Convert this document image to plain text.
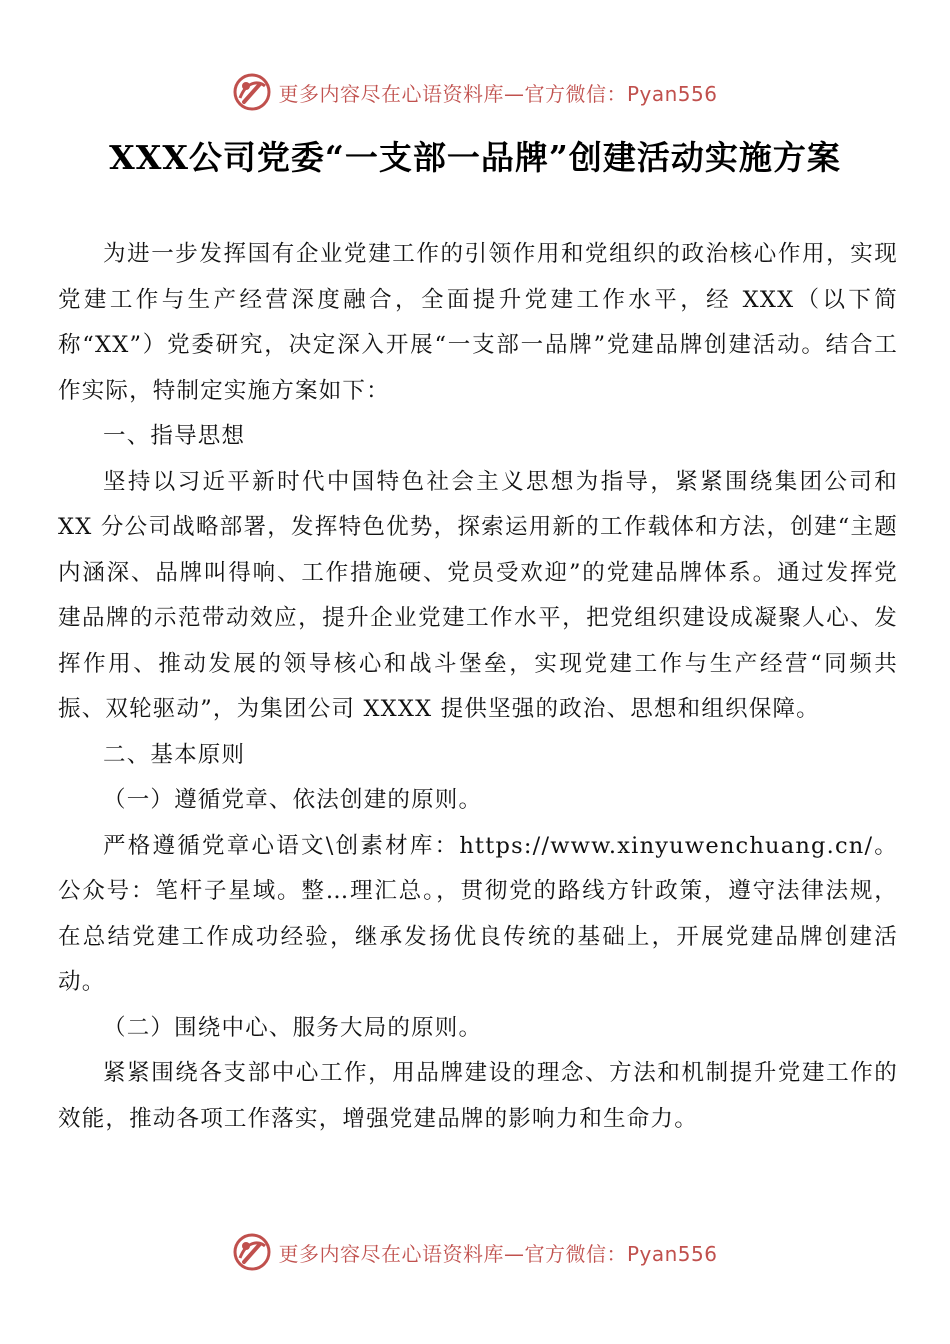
更多内容尽在心语资料库—官方微信：Pyan556
XXX公司党委“一支部一品牌”创建活动实施方案

为进一步发挥国有企业党建工作的引领作用和党组织的政治核心作用，实现党建工作与生产经营深度融合，全面提升党建工作水平，经 XXX（以下简称“XX”）党委研究，决定深入开展“一支部一品牌”党建品牌创建活动。结合工作实际，特制定实施方案如下：

一、指导思想

坚持以习近平新时代中国特色社会主义思想为指导，紧紧围绕集团公司和 XX 分公司战略部署，发挥特色优势，探索运用新的工作载体和方法，创建“主题内涵深、品牌叫得响、工作措施硬、党员受欢迎”的党建品牌体系。通过发挥党建品牌的示范带动效应，提升企业党建工作水平，把党组织建设成凝聚人心、发挥作用、推动发展的领导核心和战斗堡垒，实现党建工作与生产经营“同频共振、双轮驱动”，为集团公司 XXXX 提供坚强的政治、思想和组织保障。

二、基本原则

（一）遵循党章、依法创建的原则。

严格遵循党章心语文\创素材库：https://www.xinyuwenchuang.cn/。公众号：笔杆子星域。整…理汇总。，贯彻党的路线方针政策，遵守法律法规，在总结党建工作成功经验，继承发扬优良传统的基础上，开展党建品牌创建活动。

（二）围绕中心、服务大局的原则。

紧紧围绕各支部中心工作，用品牌建设的理念、方法和机制提升党建工作的效能，推动各项工作落实，增强党建品牌的影响力和生命力。

更多内容尽在心语资料库—官方微信：Pyan556
